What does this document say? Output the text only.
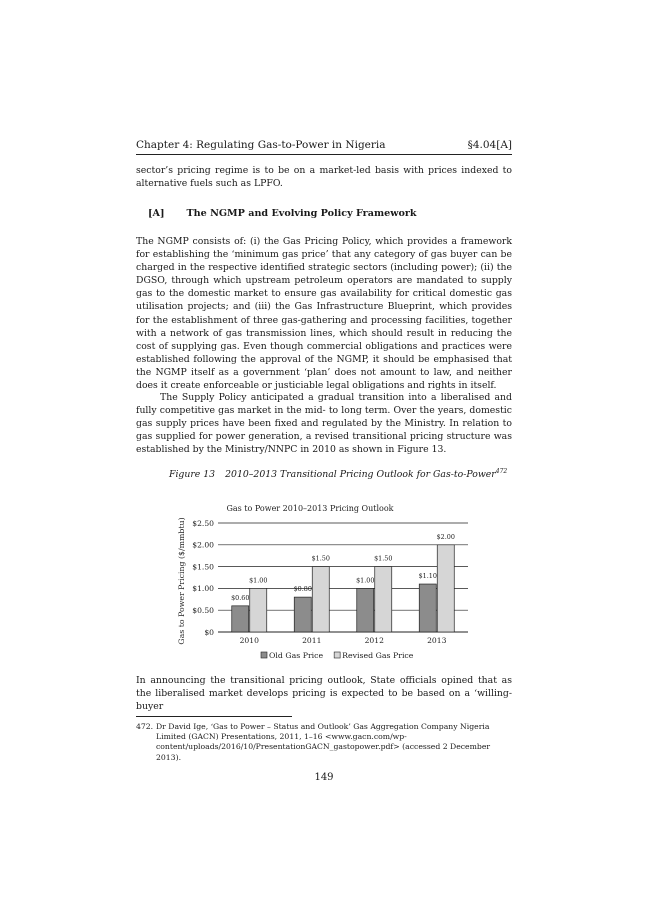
Chapter 4: Regulating Gas-to-Power in Nigeria	§4.04[A]

sector’s pricing regime is to be on a market-led basis with prices indexed to alternative fuels such as LPFO.

[A] The NGMP and Evolving Policy Framework

The NGMP consists of: (i) the Gas Pricing Policy, which provides a framework for establishing the ‘minimum gas price’ that any category of gas buyer can be charged in the respective identified strategic sectors (including power); (ii) the DGSO, through which upstream petroleum operators are mandated to supply gas to the domestic market to ensure gas availability for critical domestic gas utilisation projects; and (iii) the Gas Infrastructure Blueprint, which provides for the establishment of three gas-gathering and processing facilities, together with a network of gas transmission lines, which should result in reducing the cost of supplying gas. Even though commercial obligations and practices were established following the approval of the NGMP, it should be emphasised that the NGMP itself as a government ‘plan’ does not amount to law, and neither does it create enforceable or justiciable legal obligations and rights in itself.

The Supply Policy anticipated a gradual transition into a liberalised and fully competitive gas market in the mid- to long term. Over the years, domestic gas supply prices have been fixed and regulated by the Ministry. In relation to gas supplied for power generation, a revised transitional pricing structure was established by the Ministry/NNPC in 2010 as shown in Figure 13.

Figure 13 2010–2013 Transitional Pricing Outlook for Gas-to-Power$^{472}$
Gas to Power 2010–2013 Pricing Outlook
Gas to Power Pricing ($/mmbtu) $0
$0.50
$1.00
$1.50
$2.00
$2.50
2010
$0.60
$1.00
2011
$0.80
$1.50
2012
$1.00
$1.50
2013
$1.10
$2.00
Old Gas Price Revised Gas Price

In announcing the transitional pricing outlook, State officials opined that as the liberalised market develops pricing is expected to be based on a ‘willing-buyer

472. Dr David Ige, ‘Gas to Power – Status and Outlook’ Gas Aggregation Company Nigeria Limited (GACN) Presentations, 2011, 1–16 <www.gacn.com/wp-content/uploads/2016/10/PresentationGACN_gastopower.pdf> (accessed 2 December 2013).
149
